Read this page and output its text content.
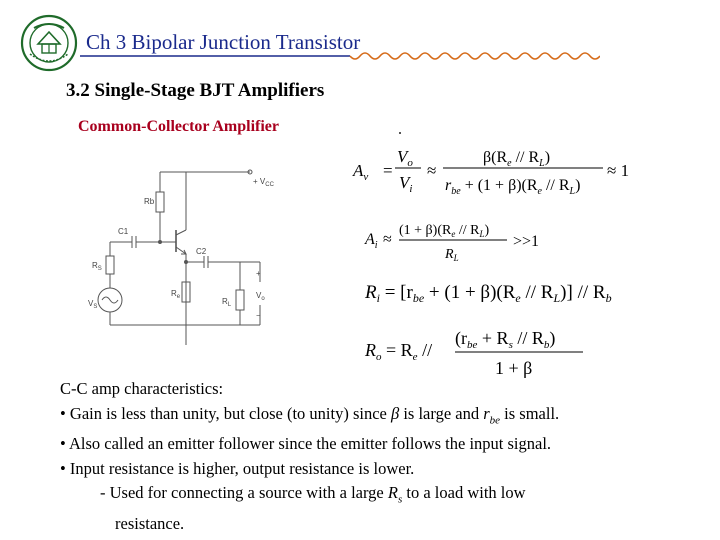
Ch 3 Bipolar Junction Transistor
3.2 Single-Stage BJT Amplifiers
Common-Collector Amplifier
+ $V_{CC}$
Rb
C1
C2
$R_S$
$V_S$
$R_e$	$R_L$
+
$V_o$
−
$A_v$ =
$V_o$
$V_i$
≈
$\beta(R_e // R_L)$
$r_{be} + (1 + \beta)(R_e // R_L)$
≈ 1
$A_i$ ≈
$(1 + \beta)(R_e // R_L)$
$R_L$
>>1
$R_i = [r_{be} + (1 + \beta)(R_e // R_L)] // R_b$
$R_o = R_e$ //
$(r_{be} + R_s // R_b)$
1 + β
C-C amp characteristics:
• Gain is less than unity, but close (to unity) since β is large and $r_{be}$ is small.
• Also called an emitter follower since the emitter follows the input signal.
• Input resistance is higher, output resistance is lower.
- Used for connecting a source with a large $R_s$ to a load with low
resistance.
